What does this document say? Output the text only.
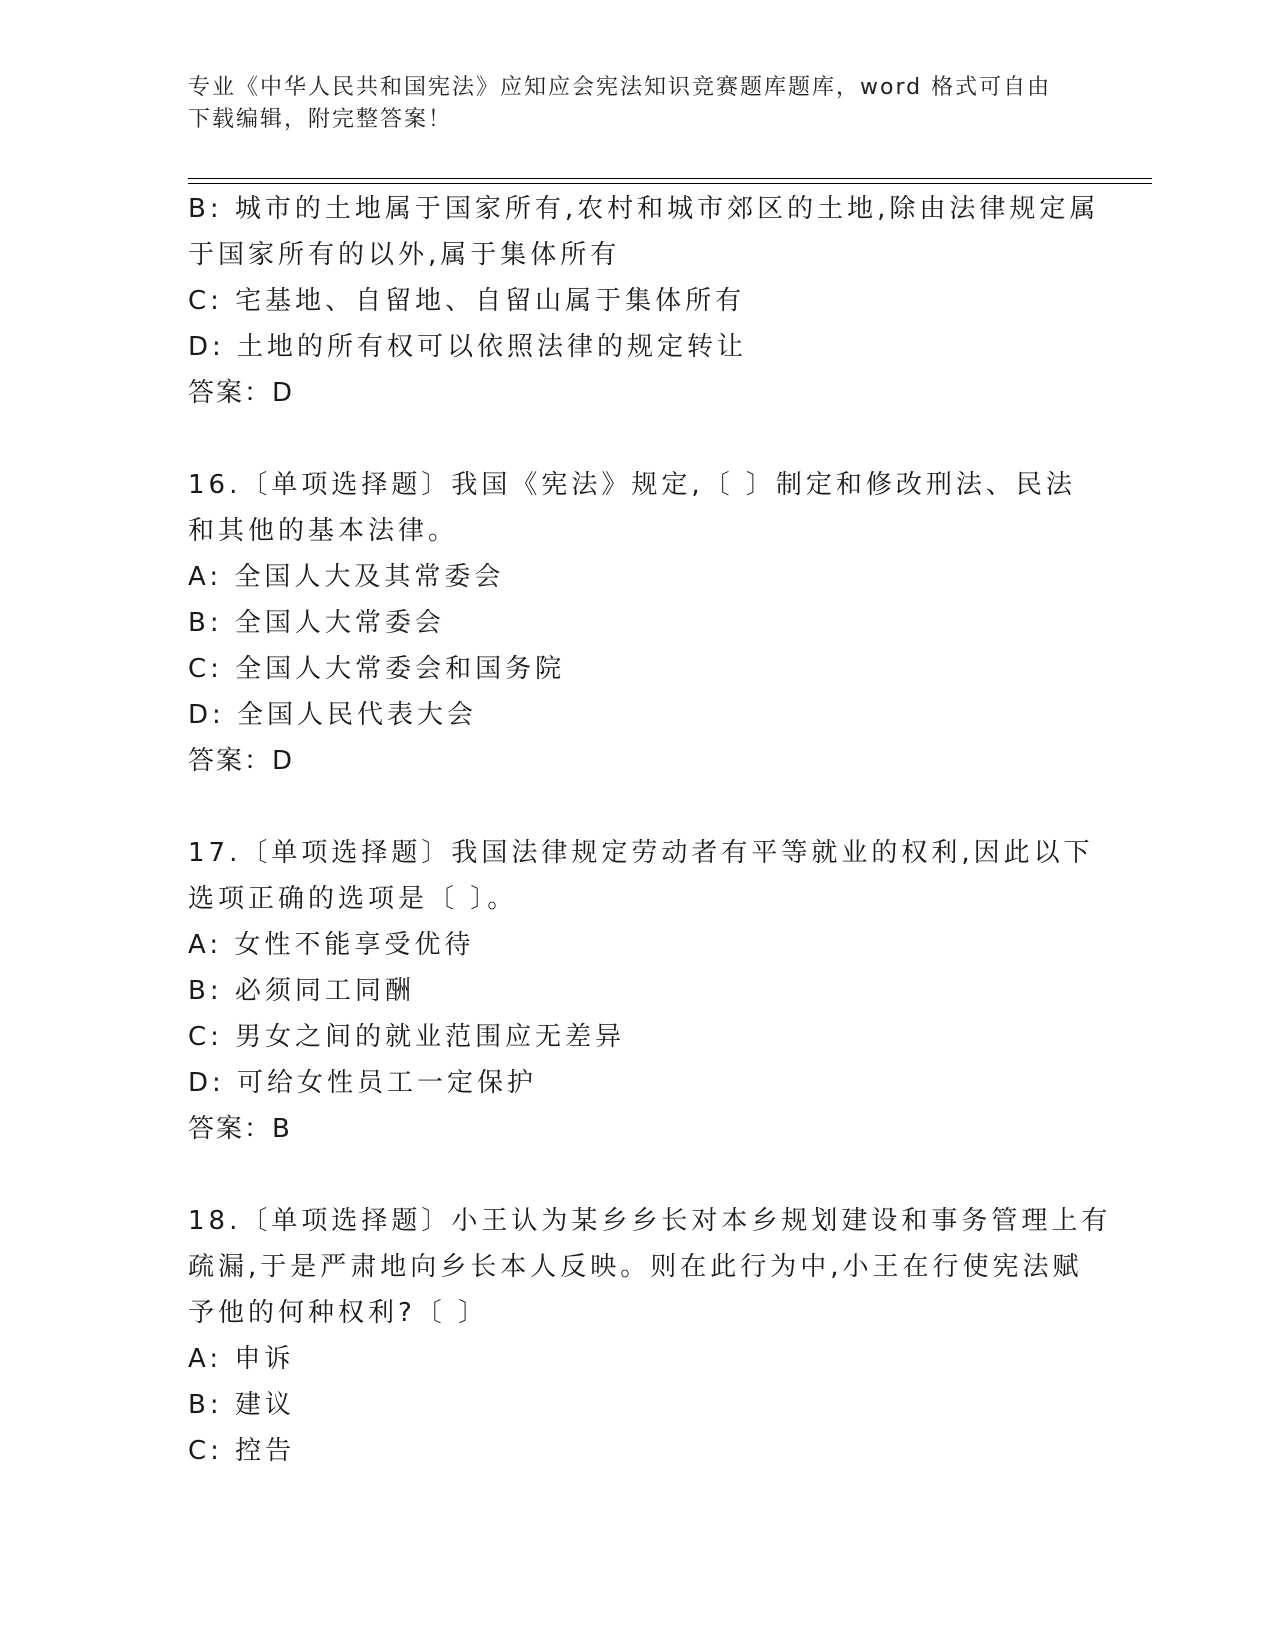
专业《中华人民共和国宪法》应知应会宪法知识竞赛题库题库，word 格式可自由
下载编辑，附完整答案！
B: 城市的土地属于国家所有,农村和城市郊区的土地,除由法律规定属
于国家所有的以外,属于集体所有
C: 宅基地、自留地、自留山属于集体所有
D: 土地的所有权可以依照法律的规定转让
答案：D
16.〔单项选择题〕我国《宪法》规定,〔 〕制定和修改刑法、民法
和其他的基本法律。
A: 全国人大及其常委会
B: 全国人大常委会
C: 全国人大常委会和国务院
D: 全国人民代表大会
答案：D
17.〔单项选择题〕我国法律规定劳动者有平等就业的权利,因此以下
选项正确的选项是〔 〕。
A: 女性不能享受优待
B: 必须同工同酬
C: 男女之间的就业范围应无差异
D: 可给女性员工一定保护
答案：B
18.〔单项选择题〕小王认为某乡乡长对本乡规划建设和事务管理上有
疏漏,于是严肃地向乡长本人反映。则在此行为中,小王在行使宪法赋
予他的何种权利?〔 〕
A: 申诉
B: 建议
C: 控告
